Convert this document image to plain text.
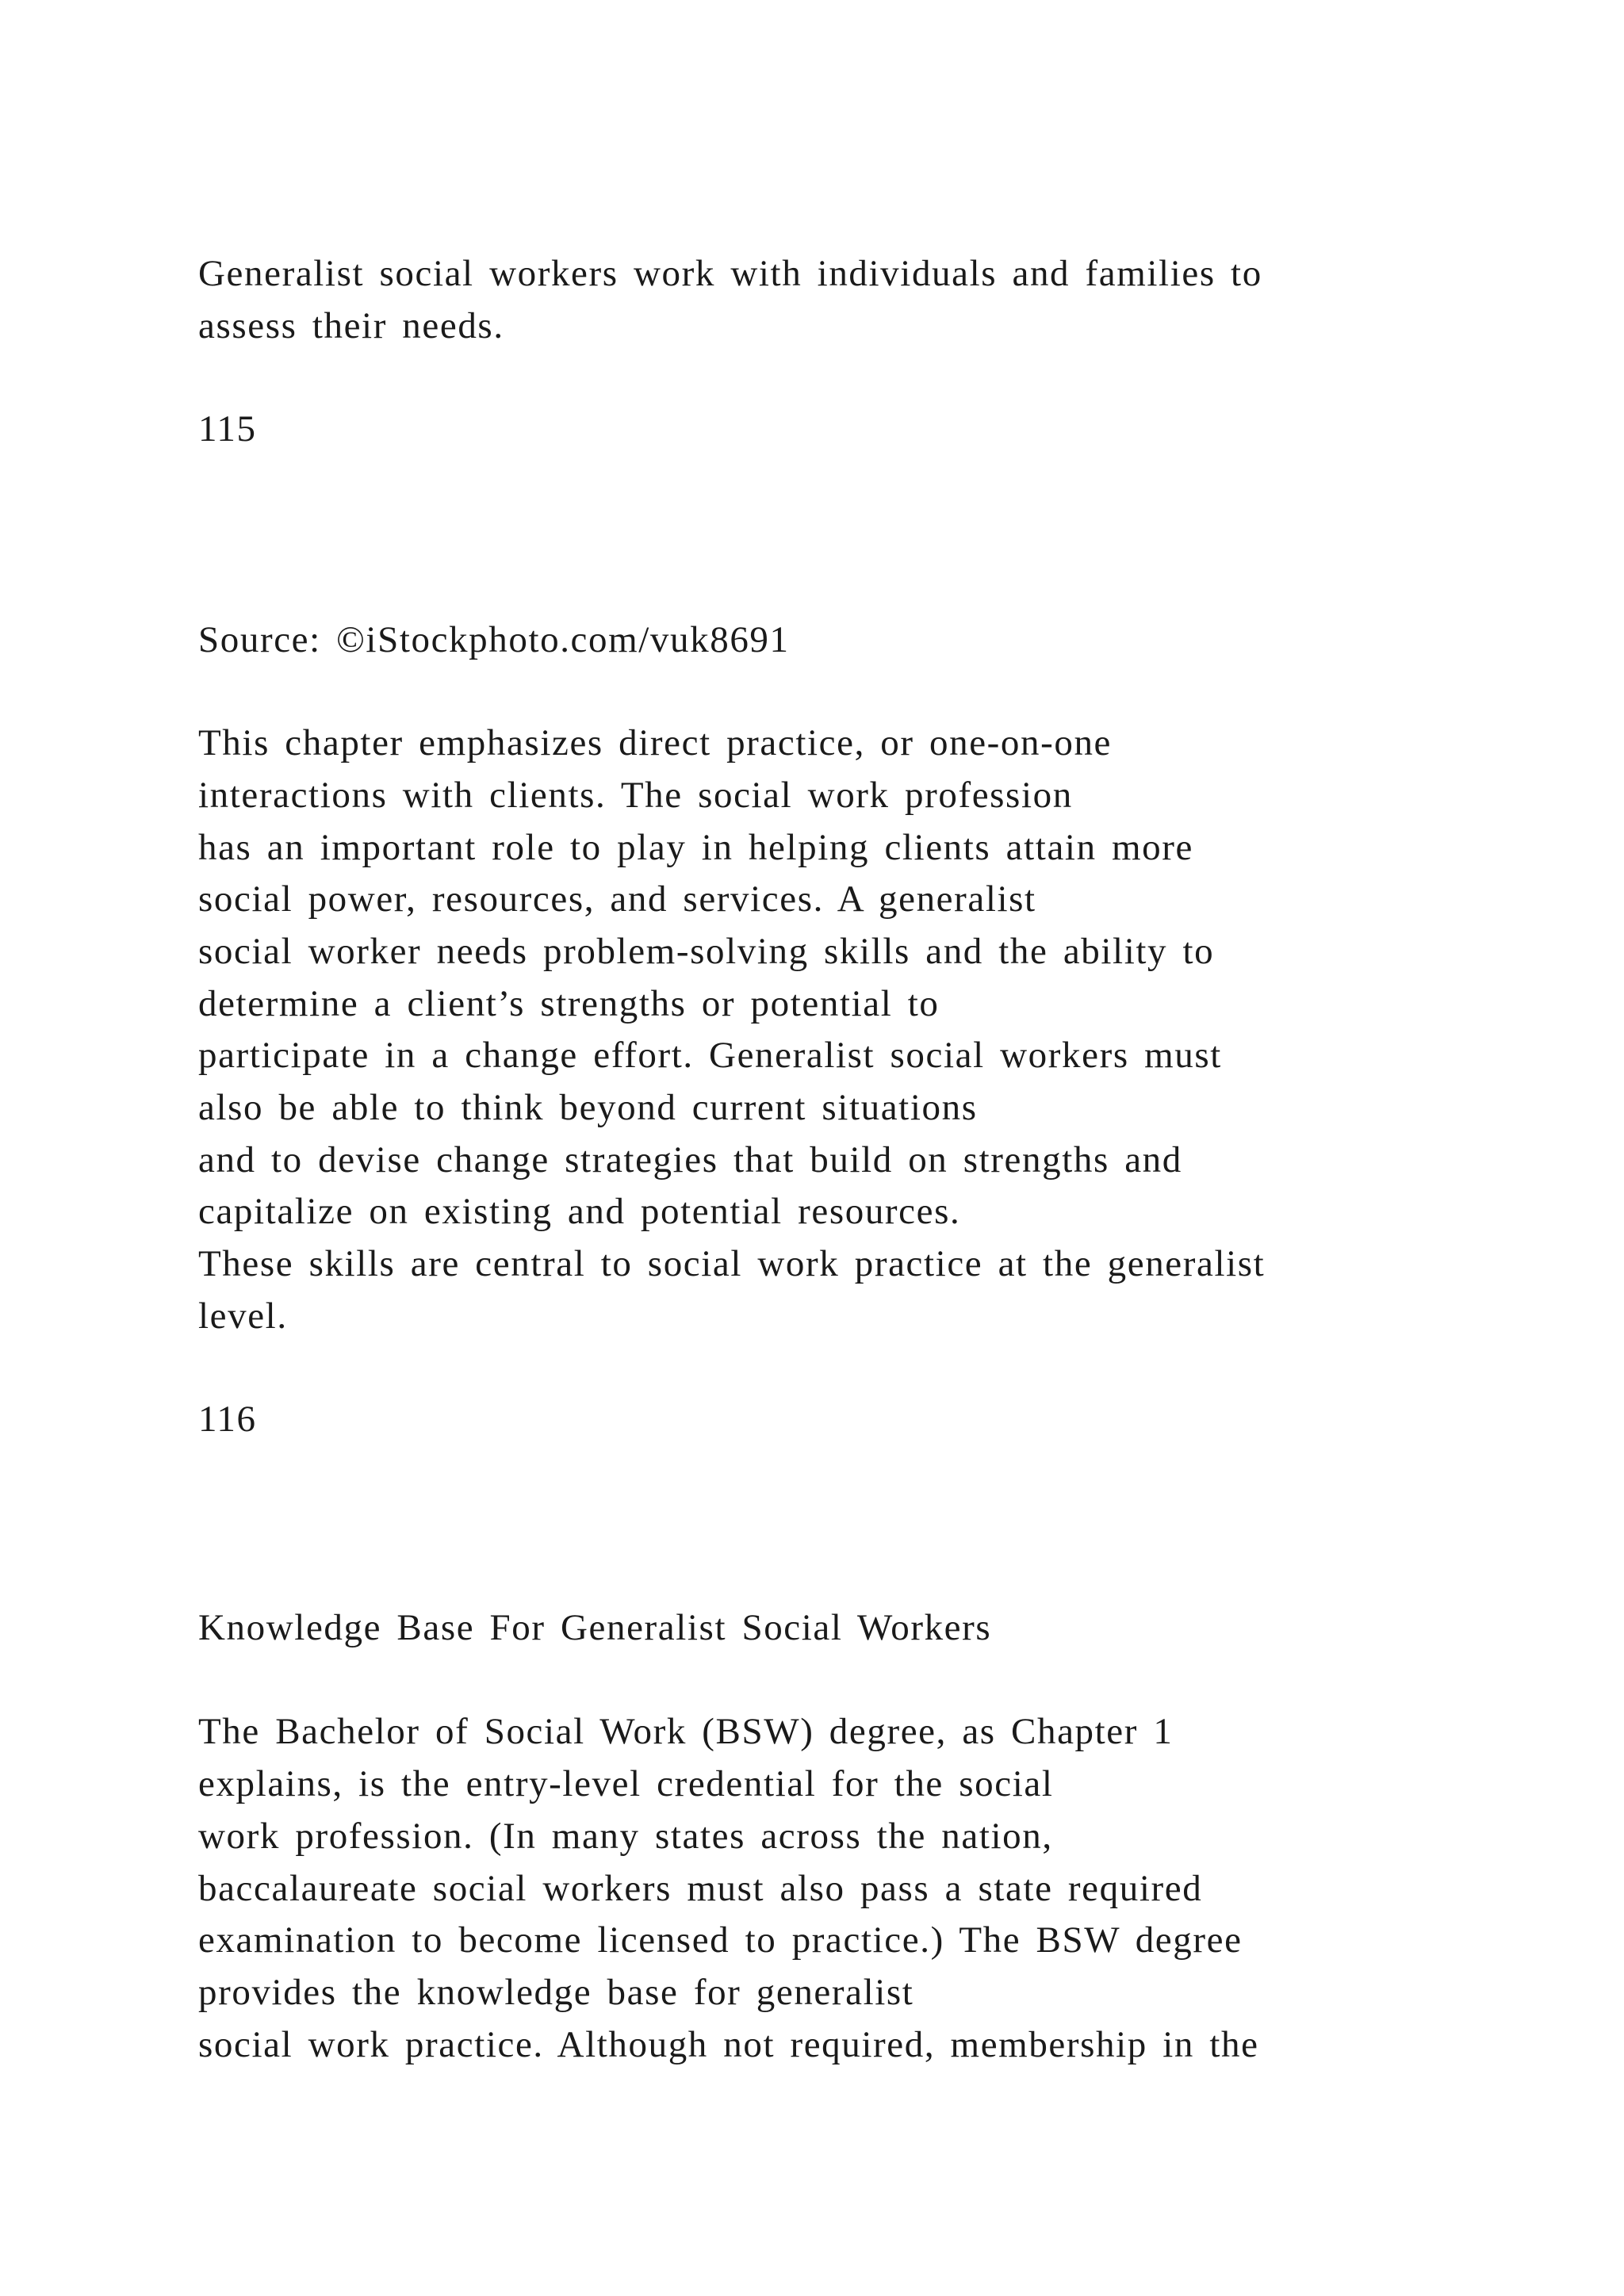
Generalist social workers work with individuals and families to
assess their needs.
115
Source: ©iStockphoto.com/vuk8691
This chapter emphasizes direct practice, or one-on-one
interactions with clients. The social work profession
has an important role to play in helping clients attain more
social power, resources, and services. A generalist
social worker needs problem-solving skills and the ability to
determine a client’s strengths or potential to
participate in a change effort. Generalist social workers must
also be able to think beyond current situations
and to devise change strategies that build on strengths and
capitalize on existing and potential resources.
These skills are central to social work practice at the generalist
level.
116
Knowledge Base For Generalist Social Workers
The Bachelor of Social Work (BSW) degree, as Chapter 1
explains, is the entry-level credential for the social
work profession. (In many states across the nation,
baccalaureate social workers must also pass a state required
examination to become licensed to practice.) The BSW degree
provides the knowledge base for generalist
social work practice. Although not required, membership in the
